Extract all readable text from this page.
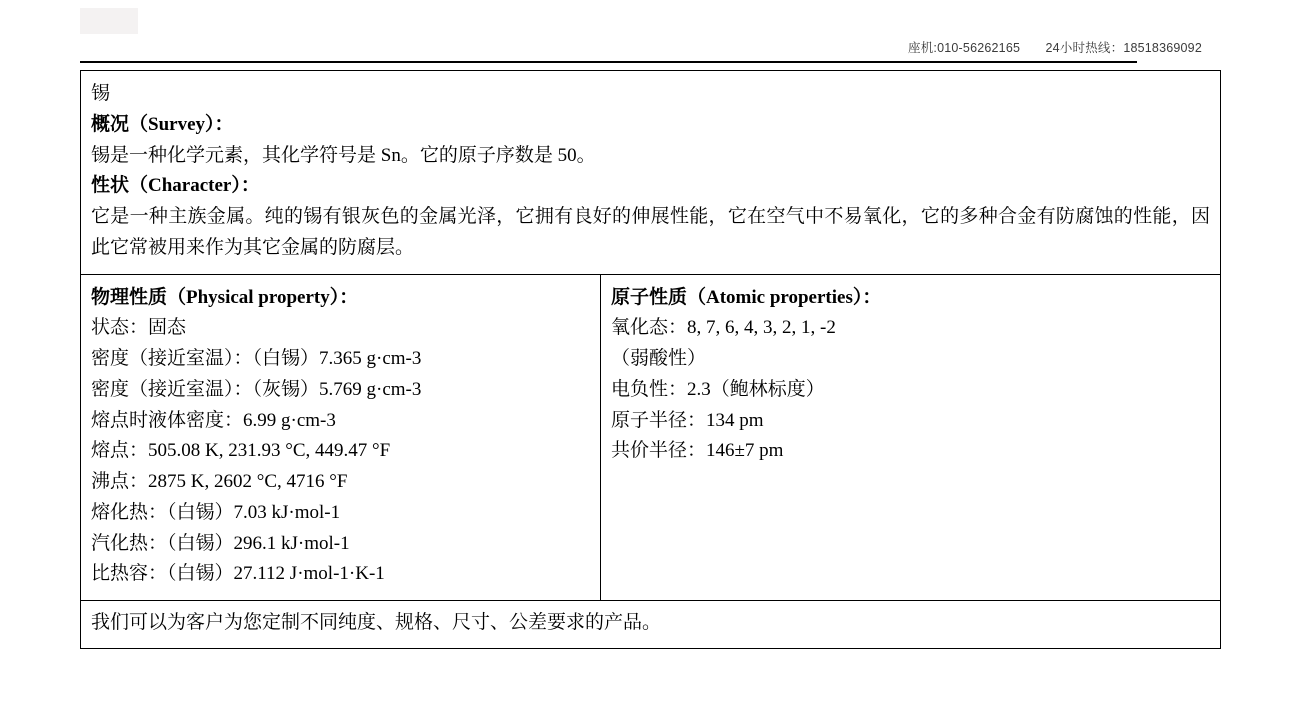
座机:010-56262165 24小时热线：18518369092
锡
概况（Survey）：
锡是一种化学元素，其化学符号是 Sn。它的原子序数是 50。
性状（Character）：
它是一种主族金属。纯的锡有银灰色的金属光泽，它拥有良好的伸展性能，它在空气中不易氧化，它的多种合金有防腐蚀的性能，因此它常被用来作为其它金属的防腐层。

物理性质（Physical property）：
状态：固态
密度（接近室温）：（白锡）7.365 g·cm-3
密度（接近室温）：（灰锡）5.769 g·cm-3
熔点时液体密度：6.99 g·cm-3
熔点：505.08 K, 231.93 °C, 449.47 °F
沸点：2875 K, 2602 °C, 4716 °F
熔化热：（白锡）7.03 kJ·mol-1
汽化热：（白锡）296.1 kJ·mol-1
比热容：（白锡）27.112 J·mol-1·K-1

原子性质（Atomic properties）：
氧化态：8, 7, 6, 4, 3, 2, 1, -2
（弱酸性）
电负性：2.3（鲍林标度）
原子半径：134 pm
共价半径：146±7 pm

我们可以为客户为您定制不同纯度、规格、尺寸、公差要求的产品。
